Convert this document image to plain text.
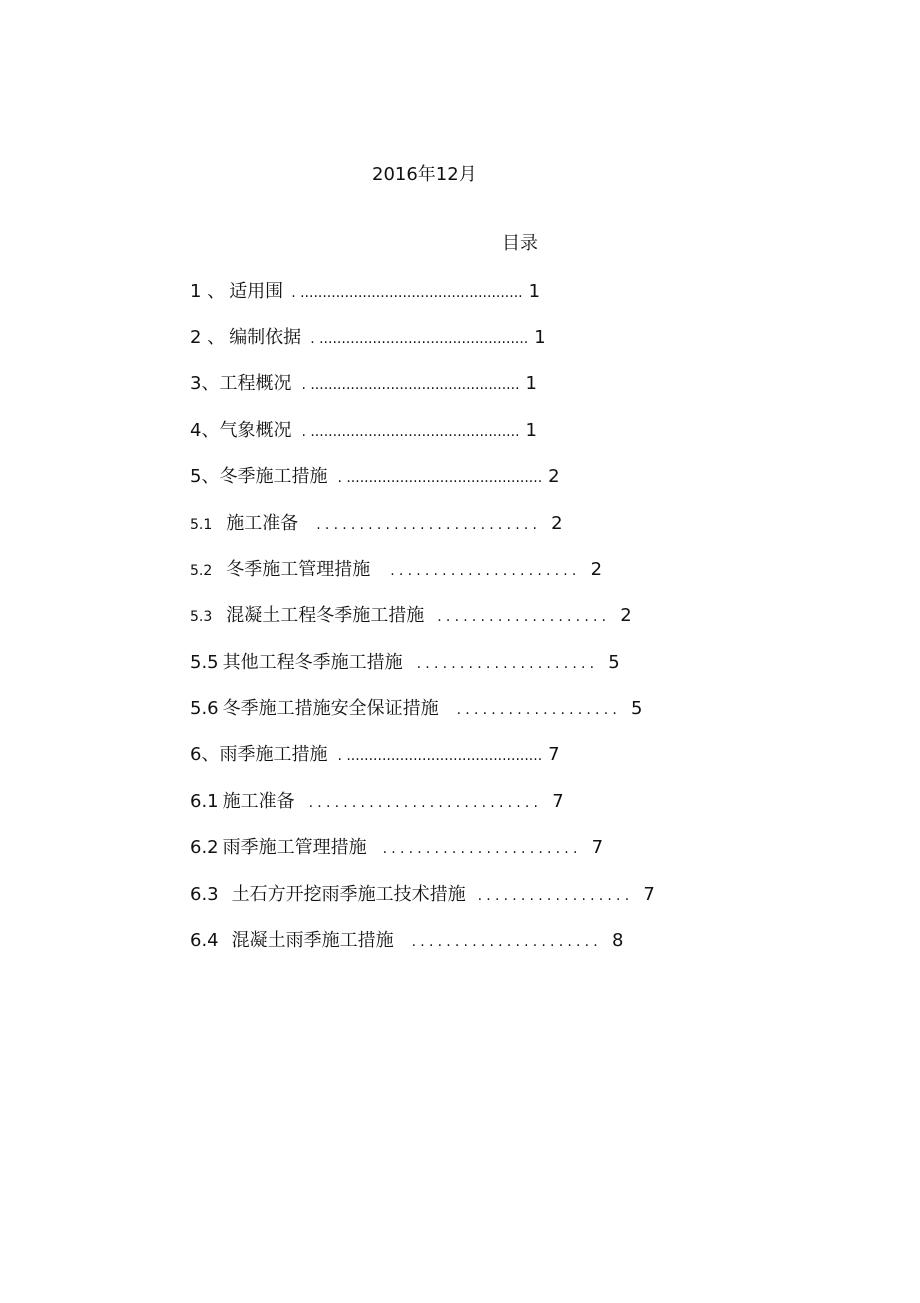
2016年12月
目录
1 、 适用围 . .................................................. 1
2 、 编制依据 . ............................................... 1
3、工程概况 . ............................................... 1
4、气象概况 . ............................................... 1
5、冬季施工措施 . ............................................ 2
5.1 施工准备 .......................... 2
5.2 冬季施工管理措施 ...................... 2
5.3 混凝土工程冬季施工措施 .................... 2
5.5 其他工程冬季施工措施 ..................... 5
5.6 冬季施工措施安全保证措施 ................... 5
6、雨季施工措施 . ............................................ 7
6.1 施工准备 ........................... 7
6.2 雨季施工管理措施 ....................... 7
6.3 土石方开挖雨季施工技术措施 .................. 7
6.4 混凝土雨季施工措施 ...................... 8
